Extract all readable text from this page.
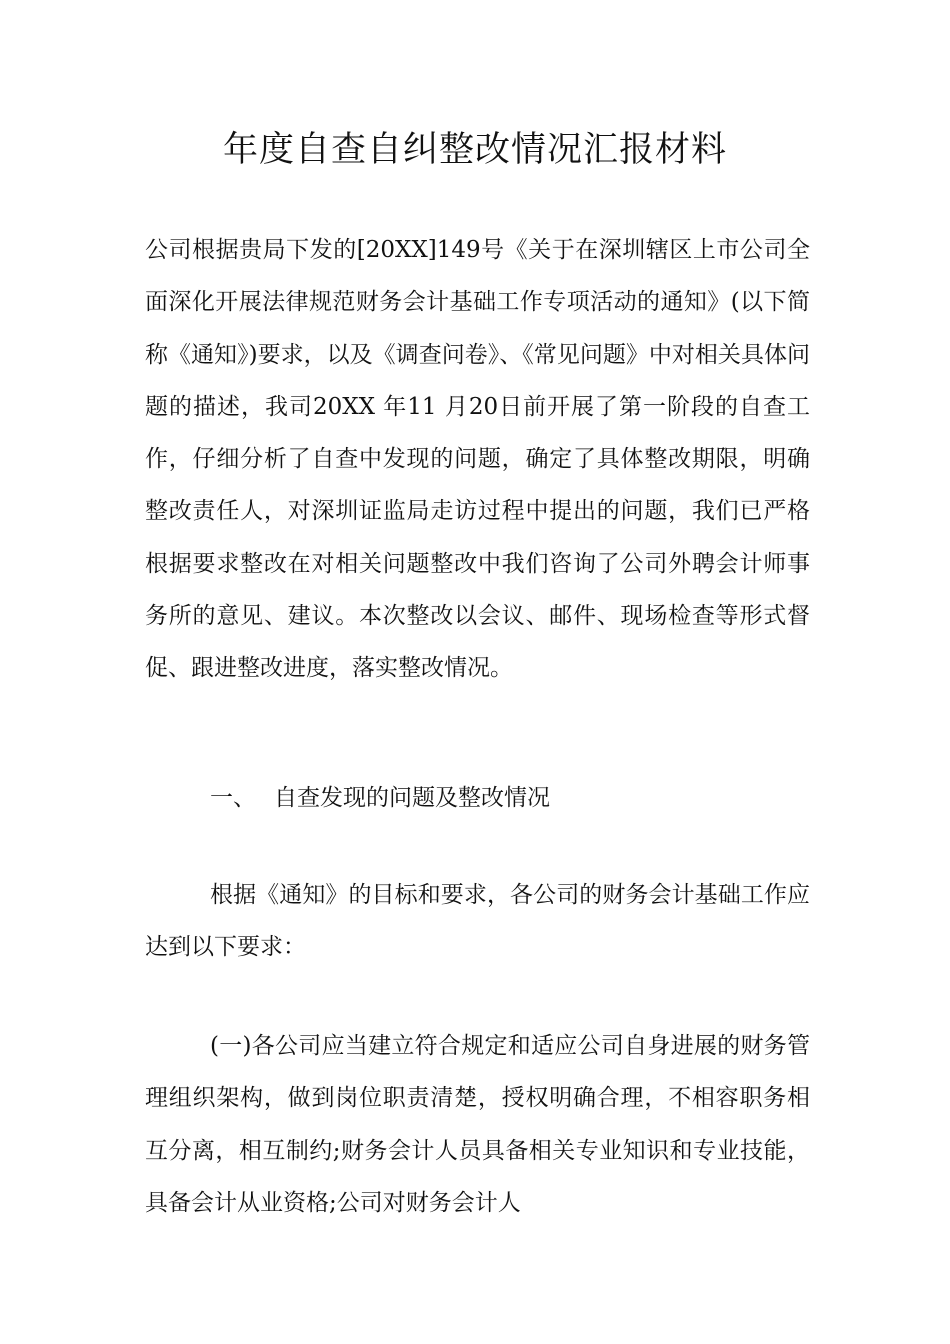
年度自查自纠整改情况汇报材料
公司根据贵局下发的[20XX]149号《关于在深圳辖区上市公司全面深化开展法律规范财务会计基础工作专项活动的通知》(以下简称《通知》)要求，以及《调查问卷》、《常见问题》中对相关具体问题的描述，我司20XX 年11 月20日前开展了第一阶段的自查工作，仔细分析了自查中发现的问题，确定了具体整改期限，明确整改责任人，对深圳证监局走访过程中提出的问题，我们已严格根据要求整改在对相关问题整改中我们咨询了公司外聘会计师事务所的意见、建议。本次整改以会议、邮件、现场检查等形式督促、跟进整改进度，落实整改情况。
一、 自查发现的问题及整改情况
根据《通知》的目标和要求，各公司的财务会计基础工作应达到以下要求：
(一)各公司应当建立符合规定和适应公司自身进展的财务管理组织架构，做到岗位职责清楚，授权明确合理，不相容职务相互分离，相互制约;财务会计人员具备相关专业知识和专业技能，具备会计从业资格;公司对财务会计人
